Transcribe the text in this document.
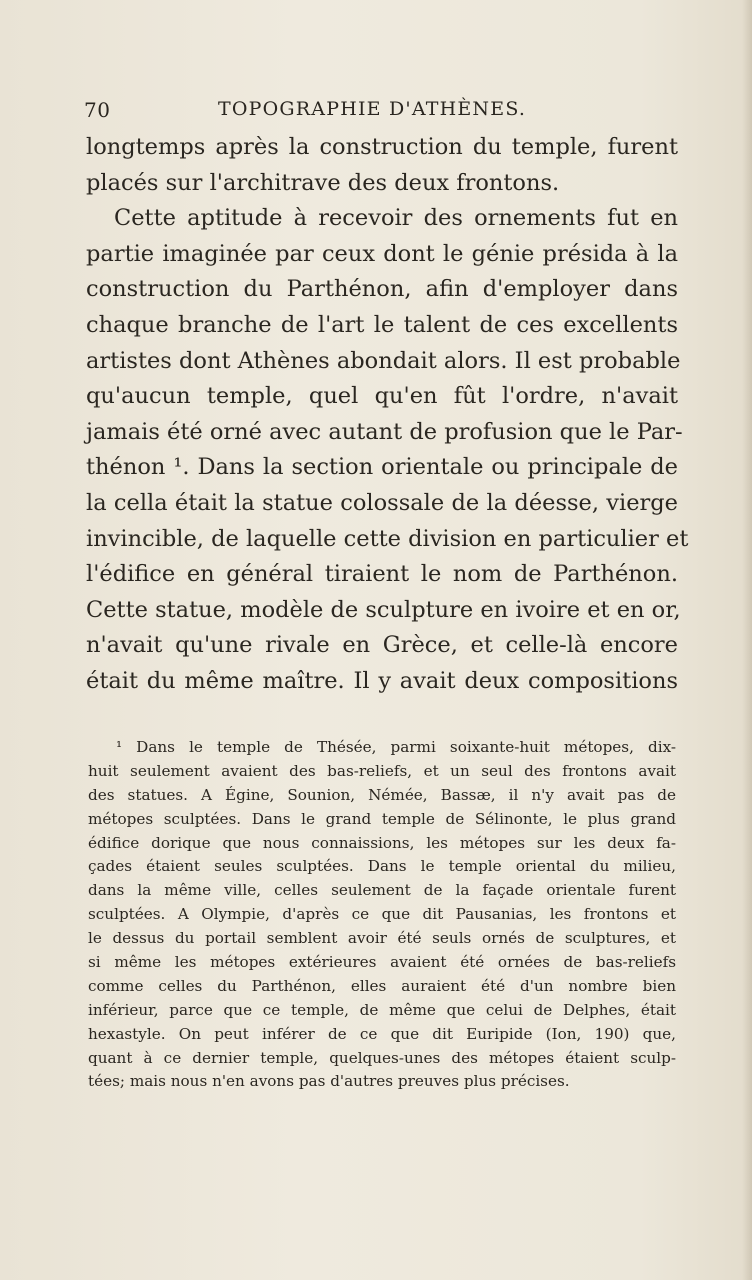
70	TOPOGRAPHIE D'ATHÈNES.
longtemps après la construction du temple, furent
placés sur l'architrave des deux frontons.
Cette aptitude à recevoir des ornements fut en
partie imaginée par ceux dont le génie présida à la
construction du Parthénon, afin d'employer dans
chaque branche de l'art le talent de ces excellents
artistes dont Athènes abondait alors. Il est probable
qu'aucun temple, quel qu'en fût l'ordre, n'avait
jamais été orné avec autant de profusion que le Par-
thénon ¹. Dans la section orientale ou principale de
la cella était la statue colossale de la déesse, vierge
invincible, de laquelle cette division en particulier et
l'édifice en général tiraient le nom de Parthénon.
Cette statue, modèle de sculpture en ivoire et en or,
n'avait qu'une rivale en Grèce, et celle-là encore
était du même maître. Il y avait deux compositions
¹ Dans le temple de Thésée, parmi soixante-huit métopes, dix-
huit seulement avaient des bas-reliefs, et un seul des frontons avait
des statues. A Égine, Sounion, Némée, Bassæ, il n'y avait pas de
métopes sculptées. Dans le grand temple de Sélinonte, le plus grand
édifice dorique que nous connaissions, les métopes sur les deux fa-
çades étaient seules sculptées. Dans le temple oriental du milieu,
dans la même ville, celles seulement de la façade orientale furent
sculptées. A Olympie, d'après ce que dit Pausanias, les frontons et
le dessus du portail semblent avoir été seuls ornés de sculptures, et
si même les métopes extérieures avaient été ornées de bas-reliefs
comme celles du Parthénon, elles auraient été d'un nombre bien
inférieur, parce que ce temple, de même que celui de Delphes, était
hexastyle. On peut inférer de ce que dit Euripide (Ion, 190) que,
quant à ce dernier temple, quelques-unes des métopes étaient sculp-
tées; mais nous n'en avons pas d'autres preuves plus précises.
